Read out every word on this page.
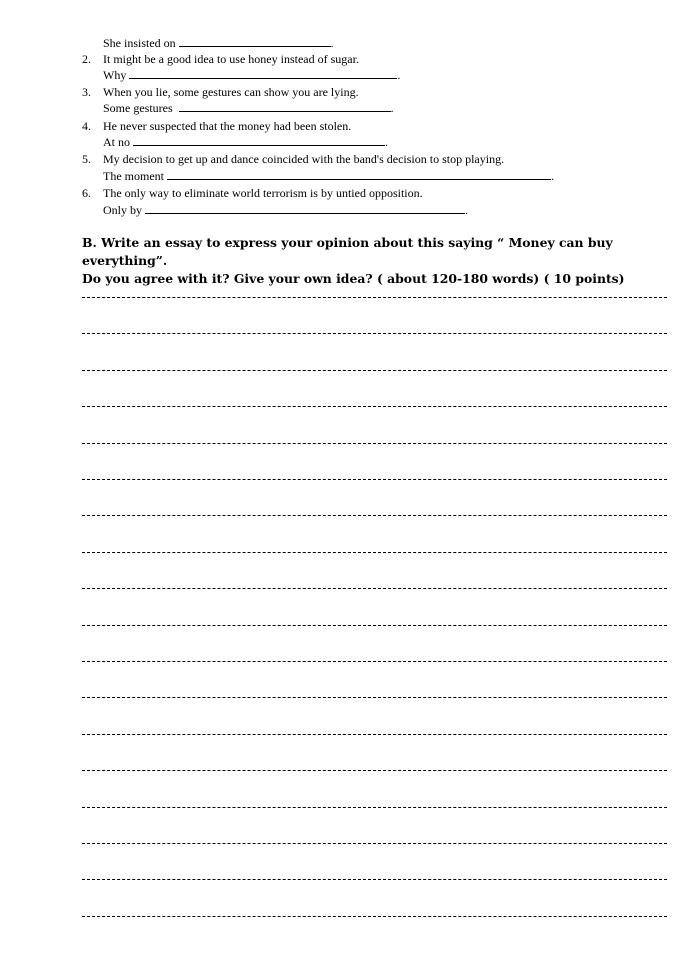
She insisted on	.
2.	It might be a good idea to use honey instead of sugar.
Why	.
3.	When you lie, some gestures can show you are lying.
Some gestures	.
4.	He never suspected that the money had been stolen.
At no	.
5.	My decision to get up and dance coincided with the band's decision to stop playing.
The moment	.
6.	The only way to eliminate world terrorism is by untied opposition.
Only by	.
B. Write an essay to express your opinion about this saying “ Money can buy everything”.
Do you agree with it? Give your own idea? ( about 120-180 words) ( 10 points)
